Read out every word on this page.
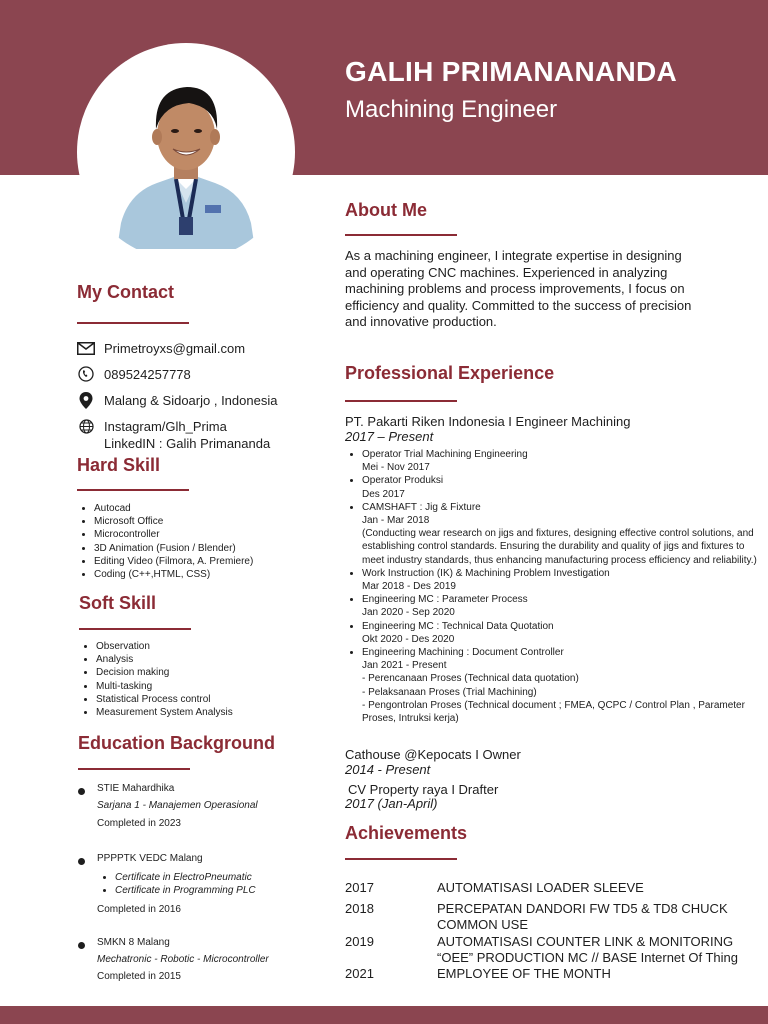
GALIH PRIMANANANDA
Machining Engineer
My Contact
Primetroyxs@gmail.com
089524257778
Malang & Sidoarjo , Indonesia
Instagram/Glh_Prima
LinkedIN : Galih Primananda
Hard Skill
• Autocad
• Microsoft Office
• Microcontroller
• 3D Animation (Fusion / Blender)
• Editing Video (Filmora, A. Premiere)
• Coding (C++,HTML, CSS)
Soft Skill
• Observation
• Analysis
• Decision making
• Multi-tasking
• Statistical Process control
• Measurement System Analysis
Education Background
STIE Mahardhika
Sarjana 1 - Manajemen Operasional
Completed in 2023
PPPPTK VEDC Malang
• Certificate in ElectroPneumatic
• Certificate in Programming PLC
Completed in 2016
SMKN 8 Malang
Mechatronic - Robotic - Microcontroller
Completed in 2015
About Me
As a machining engineer, I integrate expertise in designing and operating CNC machines. Experienced in analyzing machining problems and process improvements, I focus on efficiency and quality. Committed to the success of precision and innovative production.
Professional Experience
PT. Pakarti Riken Indonesia I Engineer Machining
2017 – Present
• Operator Trial Machining Engineering
Mei - Nov 2017
• Operator Produksi
Des 2017
• CAMSHAFT : Jig & Fixture
Jan - Mar 2018
(Conducting wear research on jigs and fixtures, designing effective control solutions, and establishing control standards. Ensuring the durability and quality of jigs and fixtures to meet industry standards, thus enhancing manufacturing process efficiency and reliability.)
• Work Instruction (IK) & Machining Problem Investigation
Mar 2018 - Des 2019
• Engineering MC : Parameter Process
Jan 2020 - Sep 2020
• Engineering MC : Technical Data Quotation
Okt 2020 - Des 2020
• Engineering Machining : Document Controller
Jan 2021 - Present
- Perencanaan Proses (Technical data quotation)
- Pelaksanaan Proses (Trial Machining)
- Pengontrolan Proses (Technical document ; FMEA, QCPC / Control Plan , Parameter Proses, Intruksi kerja)
Cathouse @Kepocats I Owner
2014 - Present
CV Property raya I Drafter
2017 (Jan-April)
Achievements
2017	AUTOMATISASI LOADER SLEEVE
2018	PERCEPATAN DANDORI FW TD5 & TD8 CHUCK COMMON USE
2019	AUTOMATISASI COUNTER LINK & MONITORING “OEE” PRODUCTION MC // BASE Internet Of Thing
2021	EMPLOYEE OF THE MONTH
